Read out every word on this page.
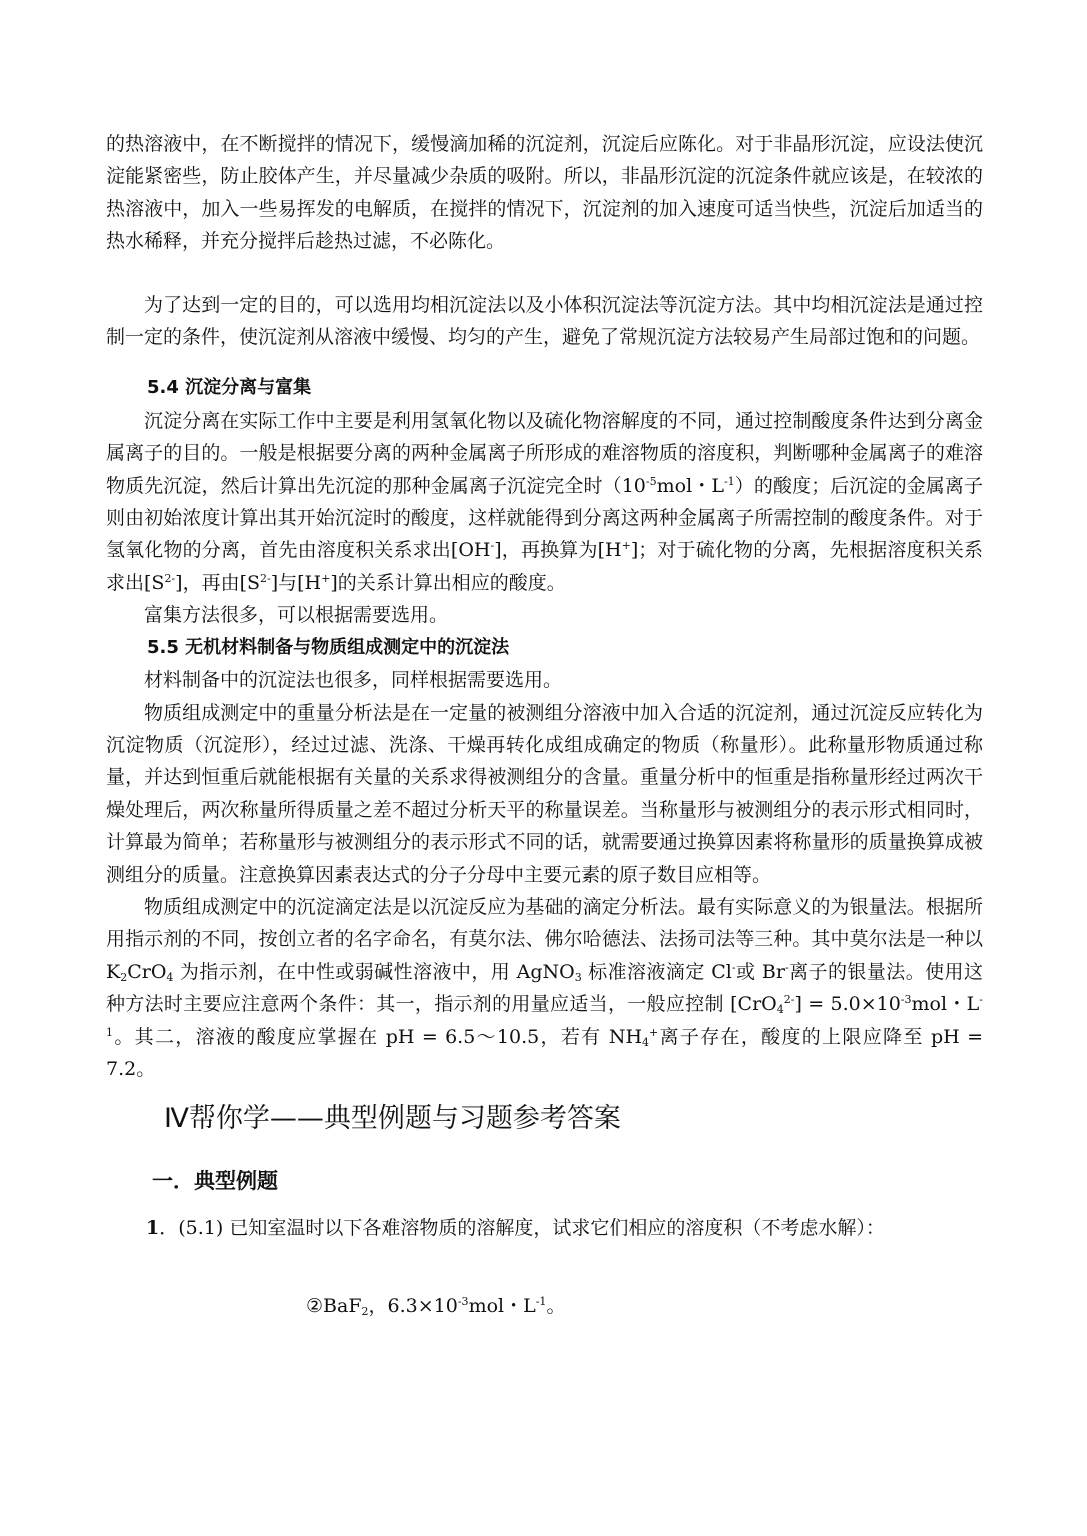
的热溶液中，在不断搅拌的情况下，缓慢滴加稀的沉淀剂，沉淀后应陈化。对于非晶形沉淀，应设法使沉淀能紧密些，防止胶体产生，并尽量减少杂质的吸附。所以，非晶形沉淀的沉淀条件就应该是，在较浓的热溶液中，加入一些易挥发的电解质，在搅拌的情况下，沉淀剂的加入速度可适当快些，沉淀后加适当的热水稀释，并充分搅拌后趁热过滤，不必陈化。

为了达到一定的目的，可以选用均相沉淀法以及小体积沉淀法等沉淀方法。其中均相沉淀法是通过控制一定的条件，使沉淀剂从溶液中缓慢、均匀的产生，避免了常规沉淀方法较易产生局部过饱和的问题。

5.4 沉淀分离与富集

沉淀分离在实际工作中主要是利用氢氧化物以及硫化物溶解度的不同，通过控制酸度条件达到分离金属离子的目的。一般是根据要分离的两种金属离子所形成的难溶物质的溶度积，判断哪种金属离子的难溶物质先沉淀，然后计算出先沉淀的那种金属离子沉淀完全时（$10^{-5}mol$・$L^{-1}$）的酸度；后沉淀的金属离子则由初始浓度计算出其开始沉淀时的酸度，这样就能得到分离这两种金属离子所需控制的酸度条件。对于氢氧化物的分离，首先由溶度积关系求出[OH-]，再换算为[H+]；对于硫化物的分离，先根据溶度积关系求出$[S^{2-}]$，再由$[S^{2-}]$与[H+]的关系计算出相应的酸度。

富集方法很多，可以根据需要选用。

5.5 无机材料制备与物质组成测定中的沉淀法

材料制备中的沉淀法也很多，同样根据需要选用。

物质组成测定中的重量分析法是在一定量的被测组分溶液中加入合适的沉淀剂，通过沉淀反应转化为沉淀物质（沉淀形），经过过滤、洗涤、干燥再转化成组成确定的物质（称量形）。此称量形物质通过称量，并达到恒重后就能根据有关量的关系求得被测组分的含量。重量分析中的恒重是指称量形经过两次干燥处理后，两次称量所得质量之差不超过分析天平的称量误差。当称量形与被测组分的表示形式相同时，计算最为简单；若称量形与被测组分的表示形式不同的话，就需要通过换算因素将称量形的质量换算成被测组分的质量。注意换算因素表达式的分子分母中主要元素的原子数目应相等。

物质组成测定中的沉淀滴定法是以沉淀反应为基础的滴定分析法。最有实际意义的为银量法。根据所用指示剂的不同，按创立者的名字命名，有莫尔法、佛尔哈德法、法扬司法等三种。其中莫尔法是一种以 $K_2CrO_4$ 为指示剂，在中性或弱碱性溶液中，用 AgNO$_3$ 标准溶液滴定 Cl-或 Br-离子的银量法。使用这种方法时主要应注意两个条件：其一，指示剂的用量应适当，一般应控制 $[CrO_4^{2-}] = 5.0\times 10^{-3}mol$・$L^{-1}$。其二，溶液的酸度应掌握在 pH = 6.5～10.5，若有 $NH_4^+$离子存在，酸度的上限应降至 pH = 7.2。

Ⅳ帮你学——典型例题与习题参考答案
一．典型例题

1．(5.1) 已知室温时以下各难溶物质的溶解度，试求它们相应的溶度积（不考虑水解）：

②BaF$_2$，$6.3\times 10^{-3}mol$・$L^{-1}$。
